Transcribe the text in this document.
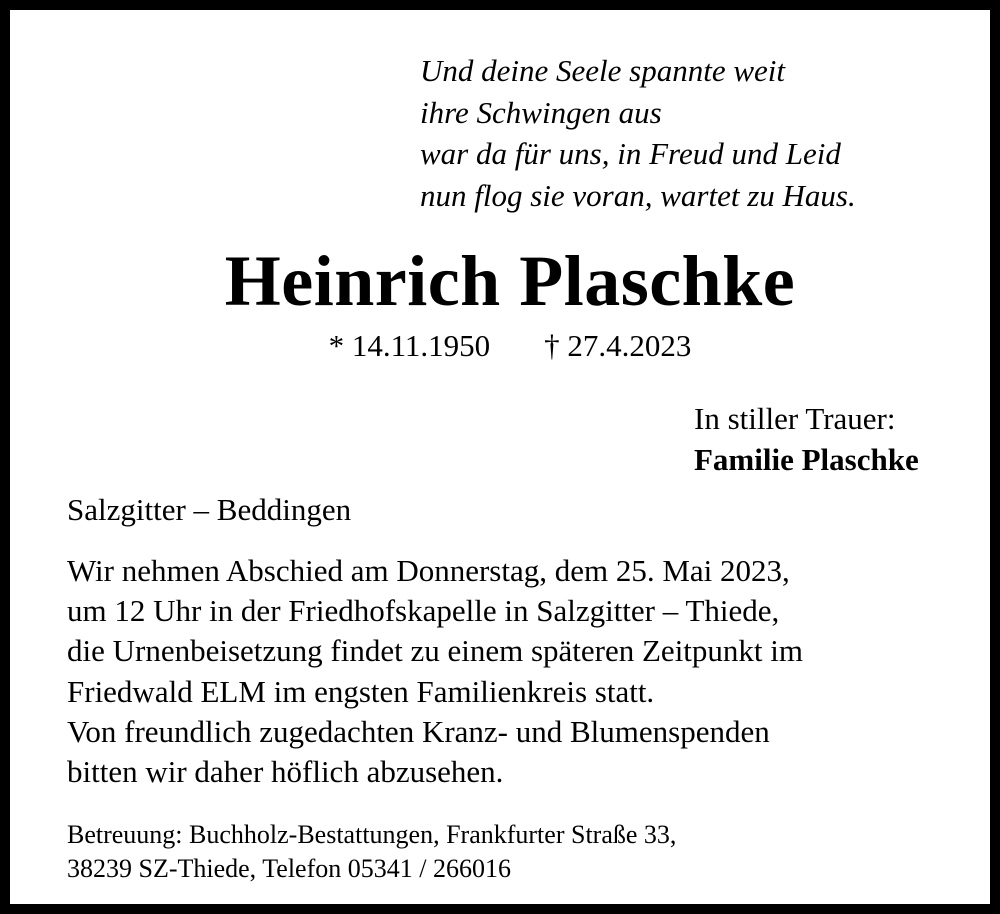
Und deine Seele spannte weit
ihre Schwingen aus
war da für uns, in Freud und Leid
nun flog sie voran, wartet zu Haus.
Heinrich Plaschke
* 14.11.1950 † 27.4.2023
In stiller Trauer:
Familie Plaschke
Salzgitter – Beddingen
Wir nehmen Abschied am Donnerstag, dem 25. Mai 2023,
um 12 Uhr in der Friedhofskapelle in Salzgitter – Thiede,
die Urnenbeisetzung findet zu einem späteren Zeitpunkt im
Friedwald ELM im engsten Familienkreis statt.
Von freundlich zugedachten Kranz- und Blumenspenden
bitten wir daher höflich abzusehen.
Betreuung: Buchholz-Bestattungen, Frankfurter Straße 33,
38239 SZ-Thiede, Telefon 05341 / 266016
